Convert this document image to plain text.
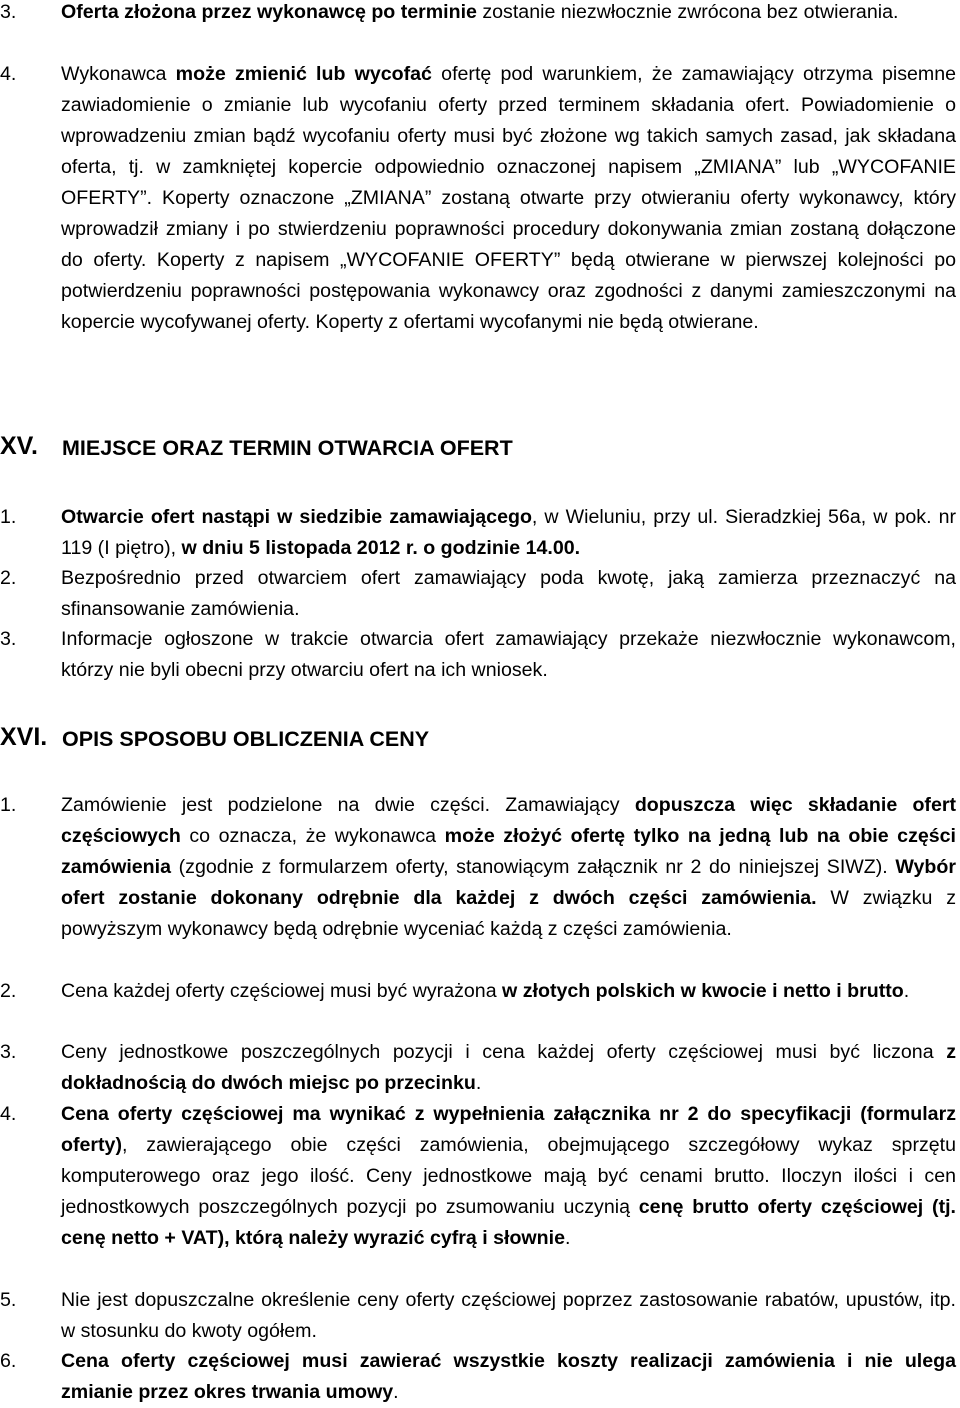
3. Oferta złożona przez wykonawcę po terminie zostanie niezwłocznie zwrócona bez otwierania.
4. Wykonawca może zmienić lub wycofać ofertę pod warunkiem, że zamawiający otrzyma pisemne zawiadomienie o zmianie lub wycofaniu oferty przed terminem składania ofert. Powiadomienie o wprowadzeniu zmian bądź wycofaniu oferty musi być złożone wg takich samych zasad, jak składana oferta, tj. w zamkniętej kopercie odpowiednio oznaczonej napisem „ZMIANA” lub „WYCOFANIE OFERTY”. Koperty oznaczone „ZMIANA” zostaną otwarte przy otwieraniu oferty wykonawcy, który wprowadził zmiany i po stwierdzeniu poprawności procedury dokonywania zmian zostaną dołączone do oferty. Koperty z napisem „WYCOFANIE OFERTY” będą otwierane w pierwszej kolejności po potwierdzeniu poprawności postępowania wykonawcy oraz zgodności z danymi zamieszczonymi na kopercie wycofywanej oferty. Koperty z ofertami wycofanymi nie będą otwierane.
XV. MIEJSCE ORAZ TERMIN OTWARCIA OFERT
1. Otwarcie ofert nastąpi w siedzibie zamawiającego, w Wieluniu, przy ul. Sieradzkiej 56a, w pok. nr 119 (I piętro), w dniu 5 listopada 2012 r. o godzinie 14.00.
2. Bezpośrednio przed otwarciem ofert zamawiający poda kwotę, jaką zamierza przeznaczyć na sfinansowanie zamówienia.
3. Informacje ogłoszone w trakcie otwarcia ofert zamawiający przekaże niezwłocznie wykonawcom, którzy nie byli obecni przy otwarciu ofert na ich wniosek.
XVI. OPIS SPOSOBU OBLICZENIA CENY
1. Zamówienie jest podzielone na dwie części. Zamawiający dopuszcza więc składanie ofert częściowych co oznacza, że wykonawca może złożyć ofertę tylko na jedną lub na obie części zamówienia (zgodnie z formularzem oferty, stanowiącym załącznik nr 2 do niniejszej SIWZ). Wybór ofert zostanie dokonany odrębnie dla każdej z dwóch części zamówienia. W związku z powyższym wykonawcy będą odrębnie wyceniać każdą z części zamówienia.
2. Cena każdej oferty częściowej musi być wyrażona w złotych polskich w kwocie i netto i brutto.
3. Ceny jednostkowe poszczególnych pozycji i cena każdej oferty częściowej musi być liczona z dokładnością do dwóch miejsc po przecinku.
4. Cena oferty częściowej ma wynikać z wypełnienia załącznika nr 2 do specyfikacji (formularz oferty), zawierającego obie części zamówienia, obejmującego szczegółowy wykaz sprzętu komputerowego oraz jego ilość. Ceny jednostkowe mają być cenami brutto. Iloczyn ilości i cen jednostkowych poszczególnych pozycji po zsumowaniu uczynią cenę brutto oferty częściowej (tj. cenę netto + VAT), którą należy wyrazić cyfrą i słownie.
5. Nie jest dopuszczalne określenie ceny oferty częściowej poprzez zastosowanie rabatów, upustów, itp. w stosunku do kwoty ogółem.
6. Cena oferty częściowej musi zawierać wszystkie koszty realizacji zamówienia i nie ulega zmianie przez okres trwania umowy.
